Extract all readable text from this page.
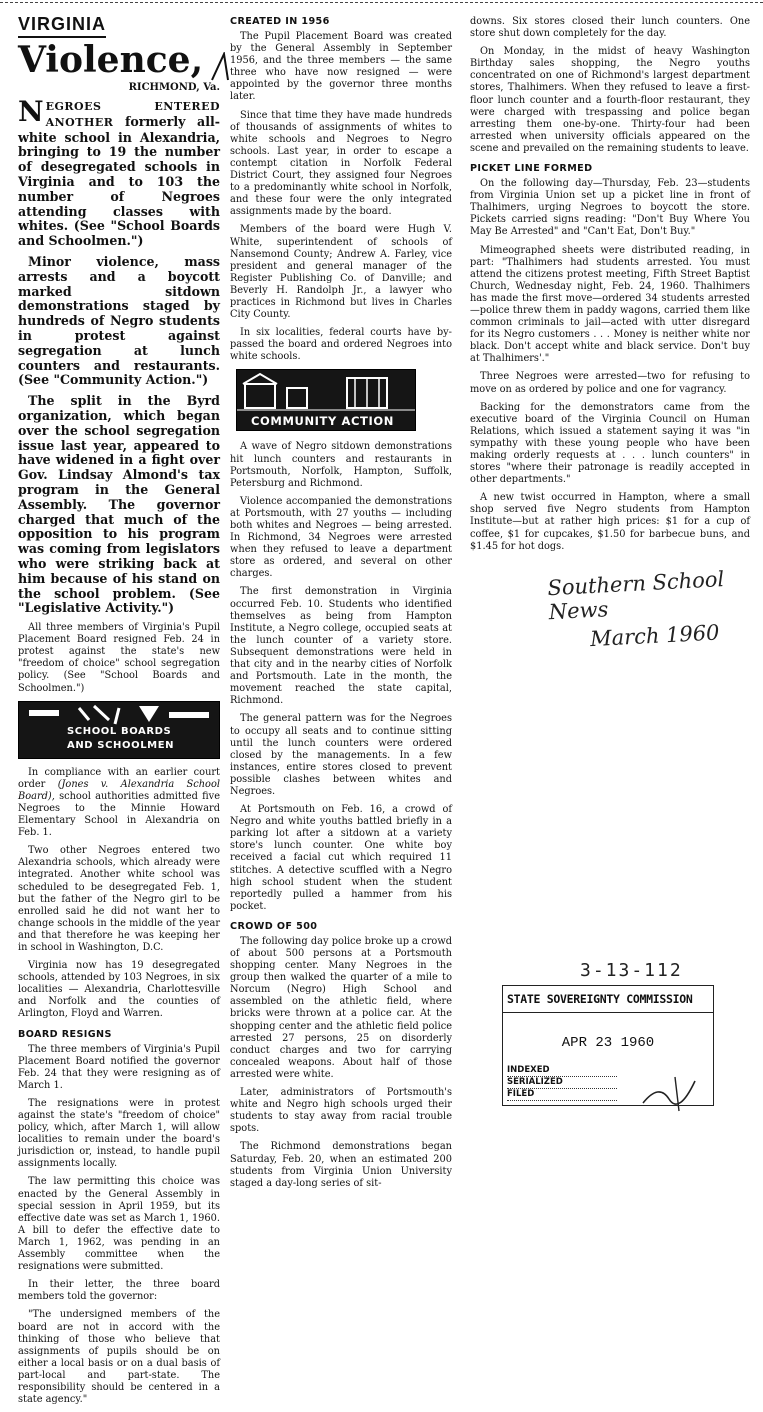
VIRGINIA
Violence,
RICHMOND, Va.

NEGROES ENTERED ANOTHER formerly all-white school in Alexandria, bringing to 19 the number of desegregated schools in Virginia and to 103 the number of Negroes attending classes with whites. (See "School Boards and Schoolmen.")

Minor violence, mass arrests and a boycott marked sitdown demonstrations staged by hundreds of Negro students in protest against segregation at lunch counters and restaurants. (See "Community Action.")

The split in the Byrd organization, which began over the school segregation issue last year, appeared to have widened in a fight over Gov. Lindsay Almond's tax program in the General Assembly. The governor charged that much of the opposition to his program was coming from legislators who were striking back at him because of his stand on the school problem. (See "Legislative Activity.")

All three members of Virginia's Pupil Placement Board resigned Feb. 24 in protest against the state's new "freedom of choice" school segregation policy. (See "School Boards and Schoolmen.")

SCHOOL BOARDS
AND SCHOOLMEN

In compliance with an earlier court order (Jones v. Alexandria School Board), school authorities admitted five Negroes to the Minnie Howard Elementary School in Alexandria on Feb. 1.

Two other Negroes entered two Alexandria schools, which already were integrated. Another white school was scheduled to be desegregated Feb. 1, but the father of the Negro girl to be enrolled said he did not want her to change schools in the middle of the year and that therefore he was keeping her in school in Washington, D.C.

Virginia now has 19 desegregated schools, attended by 103 Negroes, in six localities — Alexandria, Charlottesville and Norfolk and the counties of Arlington, Floyd and Warren.

BOARD RESIGNS

The three members of Virginia's Pupil Placement Board notified the governor Feb. 24 that they were resigning as of March 1.

The resignations were in protest against the state's "freedom of choice" policy, which, after March 1, will allow localities to remain under the board's jurisdiction or, instead, to handle pupil assignments locally.

The law permitting this choice was enacted by the General Assembly in special session in April 1959, but its effective date was set as March 1, 1960. A bill to defer the effective date to March 1, 1962, was pending in an Assembly committee when the resignations were submitted.

In their letter, the three board members told the governor:

"The undersigned members of the board are not in accord with the thinking of those who believe that assignments of pupils should be on either a local basis or on a dual basis of part-local and part-state. The responsibility should be centered in a state agency."

CREATED IN 1956

The Pupil Placement Board was created by the General Assembly in September 1956, and the three members — the same three who have now resigned — were appointed by the governor three months later.

Since that time they have made hundreds of thousands of assignments of whites to white schools and Negroes to Negro schools. Last year, in order to escape a contempt citation in Norfolk Federal District Court, they assigned four Negroes to a predominantly white school in Norfolk, and these four were the only integrated assignments made by the board.

Members of the board were Hugh V. White, superintendent of schools of Nansemond County; Andrew A. Farley, vice president and general manager of the Register Publishing Co. of Danville; and Beverly H. Randolph Jr., a lawyer who practices in Richmond but lives in Charles City County.

In six localities, federal courts have by-passed the board and ordered Negroes into white schools.

COMMUNITY ACTION

A wave of Negro sitdown demonstrations hit lunch counters and restaurants in Portsmouth, Norfolk, Hampton, Suffolk, Petersburg and Richmond.

Violence accompanied the demonstrations at Portsmouth, with 27 youths — including both whites and Negroes — being arrested. In Richmond, 34 Negroes were arrested when they refused to leave a department store as ordered, and several on other charges.

The first demonstration in Virginia occurred Feb. 10. Students who identified themselves as being from Hampton Institute, a Negro college, occupied seats at the lunch counter of a variety store. Subsequent demonstrations were held in that city and in the nearby cities of Norfolk and Portsmouth. Late in the month, the movement reached the state capital, Richmond.

The general pattern was for the Negroes to occupy all seats and to continue sitting until the lunch counters were ordered closed by the managements. In a few instances, entire stores closed to prevent possible clashes between whites and Negroes.

At Portsmouth on Feb. 16, a crowd of Negro and white youths battled briefly in a parking lot after a sitdown at a variety store's lunch counter. One white boy received a facial cut which required 11 stitches. A detective scuffled with a Negro high school student when the student reportedly pulled a hammer from his pocket.

CROWD OF 500

The following day police broke up a crowd of about 500 persons at a Portsmouth shopping center. Many Negroes in the group then walked the quarter of a mile to Norcum (Negro) High School and assembled on the athletic field, where bricks were thrown at a police car. At the shopping center and the athletic field police arrested 27 persons, 25 on disorderly conduct charges and two for carrying concealed weapons. About half of those arrested were white.

Later, administrators of Portsmouth's white and Negro high schools urged their students to stay away from racial trouble spots.

The Richmond demonstrations began Saturday, Feb. 20, when an estimated 200 students from Virginia Union University staged a day-long series of sit-

downs. Six stores closed their lunch counters. One store shut down completely for the day.

On Monday, in the midst of heavy Washington Birthday sales shopping, the Negro youths concentrated on one of Richmond's largest department stores, Thalhimers. When they refused to leave a first-floor lunch counter and a fourth-floor restaurant, they were charged with trespassing and police began arresting them one-by-one. Thirty-four had been arrested when university officials appeared on the scene and prevailed on the remaining students to leave.

PICKET LINE FORMED

On the following day—Thursday, Feb. 23—students from Virginia Union set up a picket line in front of Thalhimers, urging Negroes to boycott the store. Pickets carried signs reading: "Don't Buy Where You May Be Arrested" and "Can't Eat, Don't Buy."

Mimeographed sheets were distributed reading, in part: "Thalhimers had students arrested. You must attend the citizens protest meeting, Fifth Street Baptist Church, Wednesday night, Feb. 24, 1960. Thalhimers has made the first move—ordered 34 students arrested—police threw them in paddy wagons, carried them like common criminals to jail—acted with utter disregard for its Negro customers . . . Money is neither white nor black. Don't accept white and black service. Don't buy at Thalhimers'."

Three Negroes were arrested—two for refusing to move on as ordered by police and one for vagrancy.

Backing for the demonstrators came from the executive board of the Virginia Council on Human Relations, which issued a statement saying it was "in sympathy with these young people who have been making orderly requests at . . . lunch counters" in stores "where their patronage is readily accepted in other departments."

A new twist occurred in Hampton, where a small shop served five Negro students from Hampton Institute—but at rather high prices: $1 for a cup of coffee, $1 for cupcakes, $1.50 for barbecue buns, and $1.45 for hot dogs.

Southern School News
March 1960
3-13-112
STATE SOVEREIGNTY COMMISSION
APR 23 1960
INDEXED
SERIALIZED
FILED
